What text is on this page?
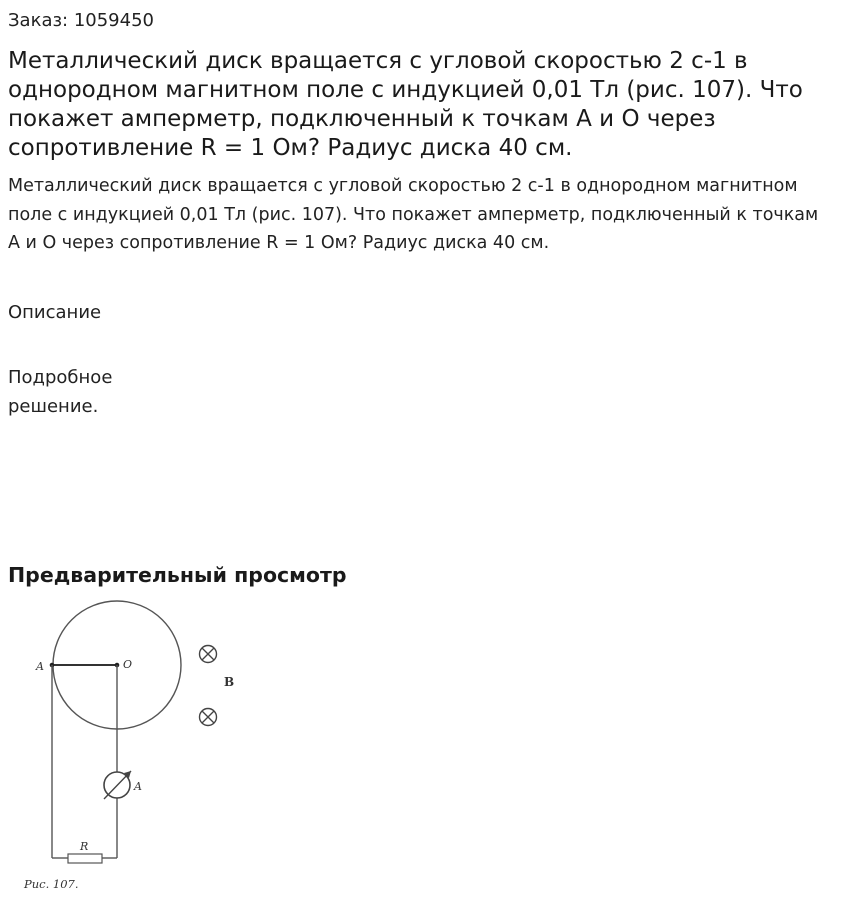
Заказ: 1059450
Металлический диск вращается с угловой скоростью 2 с-1 в однородном магнитном поле с индукцией 0,01 Тл (рис. 107). Что покажет амперметр, подключенный к точкам А и О через сопротивление R = 1 Ом? Радиус диска 40 см.
Металлический диск вращается с угловой скоростью 2 с-1 в однородном магнитном поле с индукцией 0,01 Тл (рис. 107). Что покажет амперметр, подключенный к точкам А и О через сопротивление R = 1 Ом? Радиус диска 40 см.
Описание
Подробное решение.
Предварительный просмотр
A	O
B
A
R
Рис. 107.
